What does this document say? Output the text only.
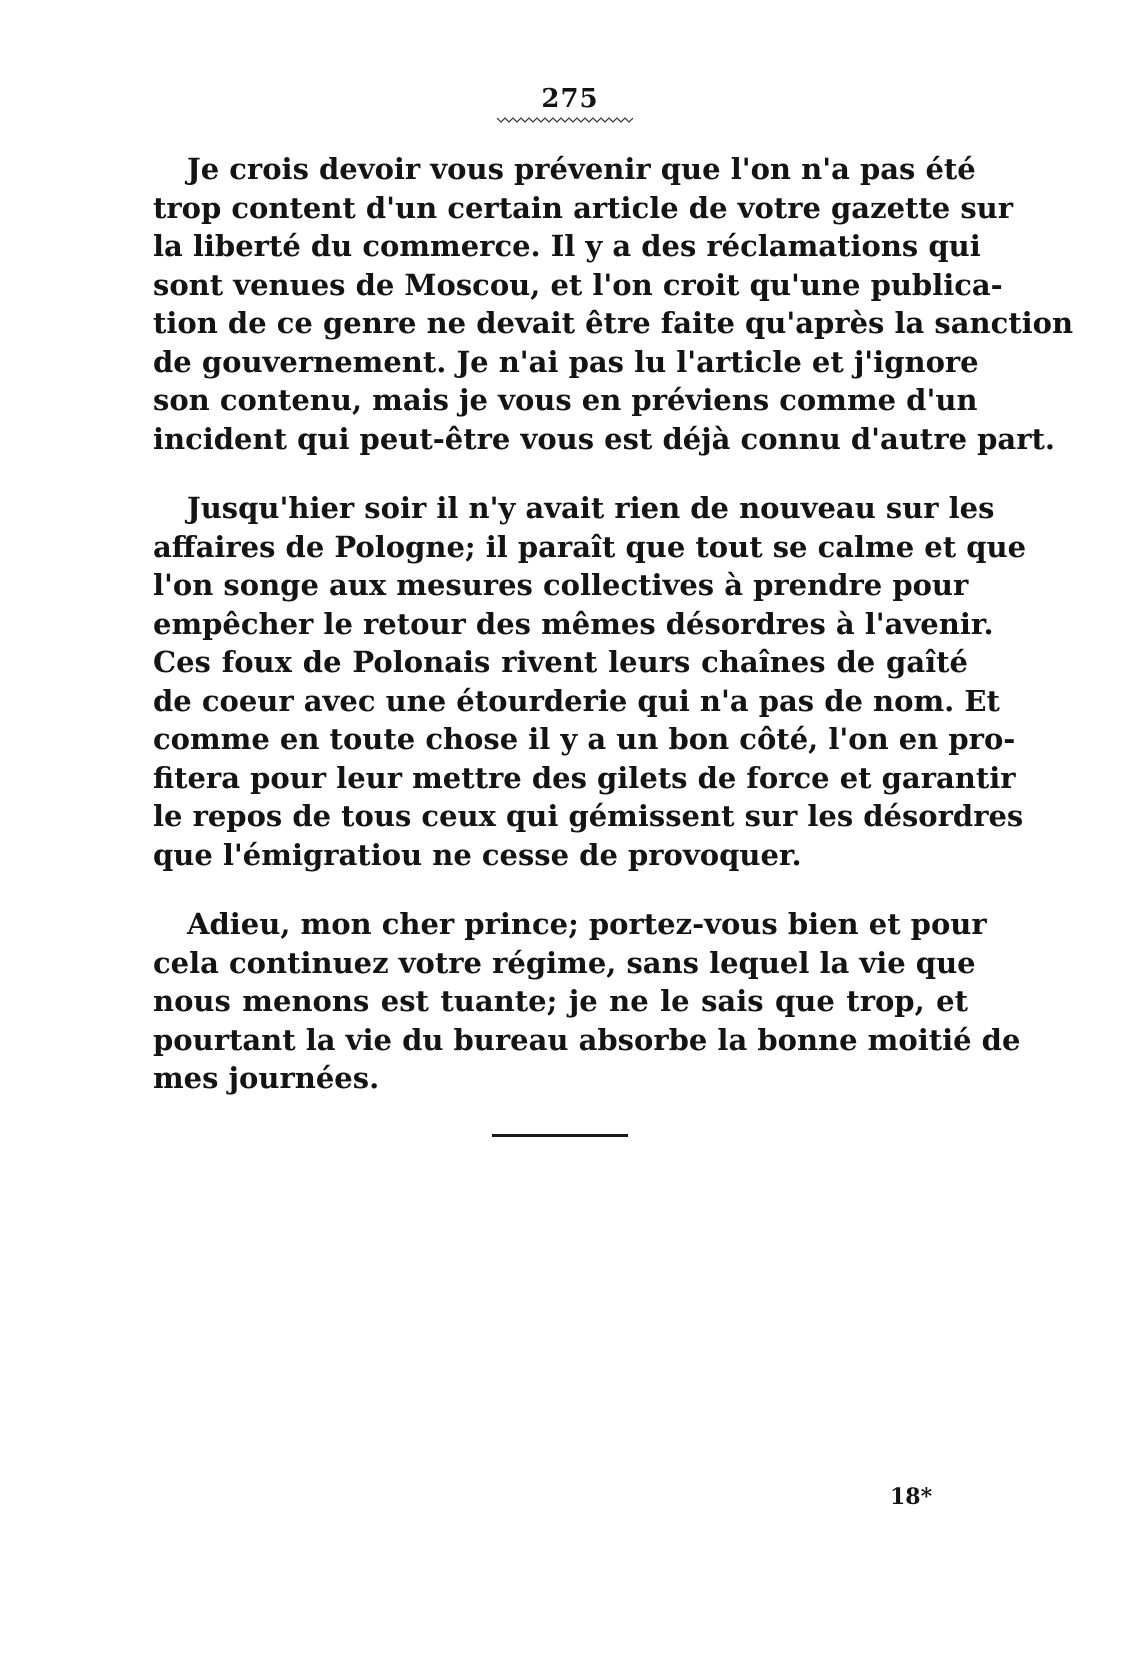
275
Je crois devoir vous prévenir que l'on n'a pas été
trop content d'un certain article de votre gazette sur
la liberté du commerce. Il y a des réclamations qui
sont venues de Moscou, et l'on croit qu'une publica-
tion de ce genre ne devait être faite qu'après la sanction
de gouvernement. Je n'ai pas lu l'article et j'ignore
son contenu, mais je vous en préviens comme d'un
incident qui peut-être vous est déjà connu d'autre part.
Jusqu'hier soir il n'y avait rien de nouveau sur les
affaires de Pologne; il paraît que tout se calme et que
l'on songe aux mesures collectives à prendre pour
empêcher le retour des mêmes désordres à l'avenir.
Ces foux de Polonais rivent leurs chaînes de gaîté
de coeur avec une étourderie qui n'a pas de nom. Et
comme en toute chose il y a un bon côté, l'on en pro-
fitera pour leur mettre des gilets de force et garantir
le repos de tous ceux qui gémissent sur les désordres
que l'émigratiou ne cesse de provoquer.
Adieu, mon cher prince; portez-vous bien et pour
cela continuez votre régime, sans lequel la vie que
nous menons est tuante; je ne le sais que trop, et
pourtant la vie du bureau absorbe la bonne moitié de
mes journées.
18*
